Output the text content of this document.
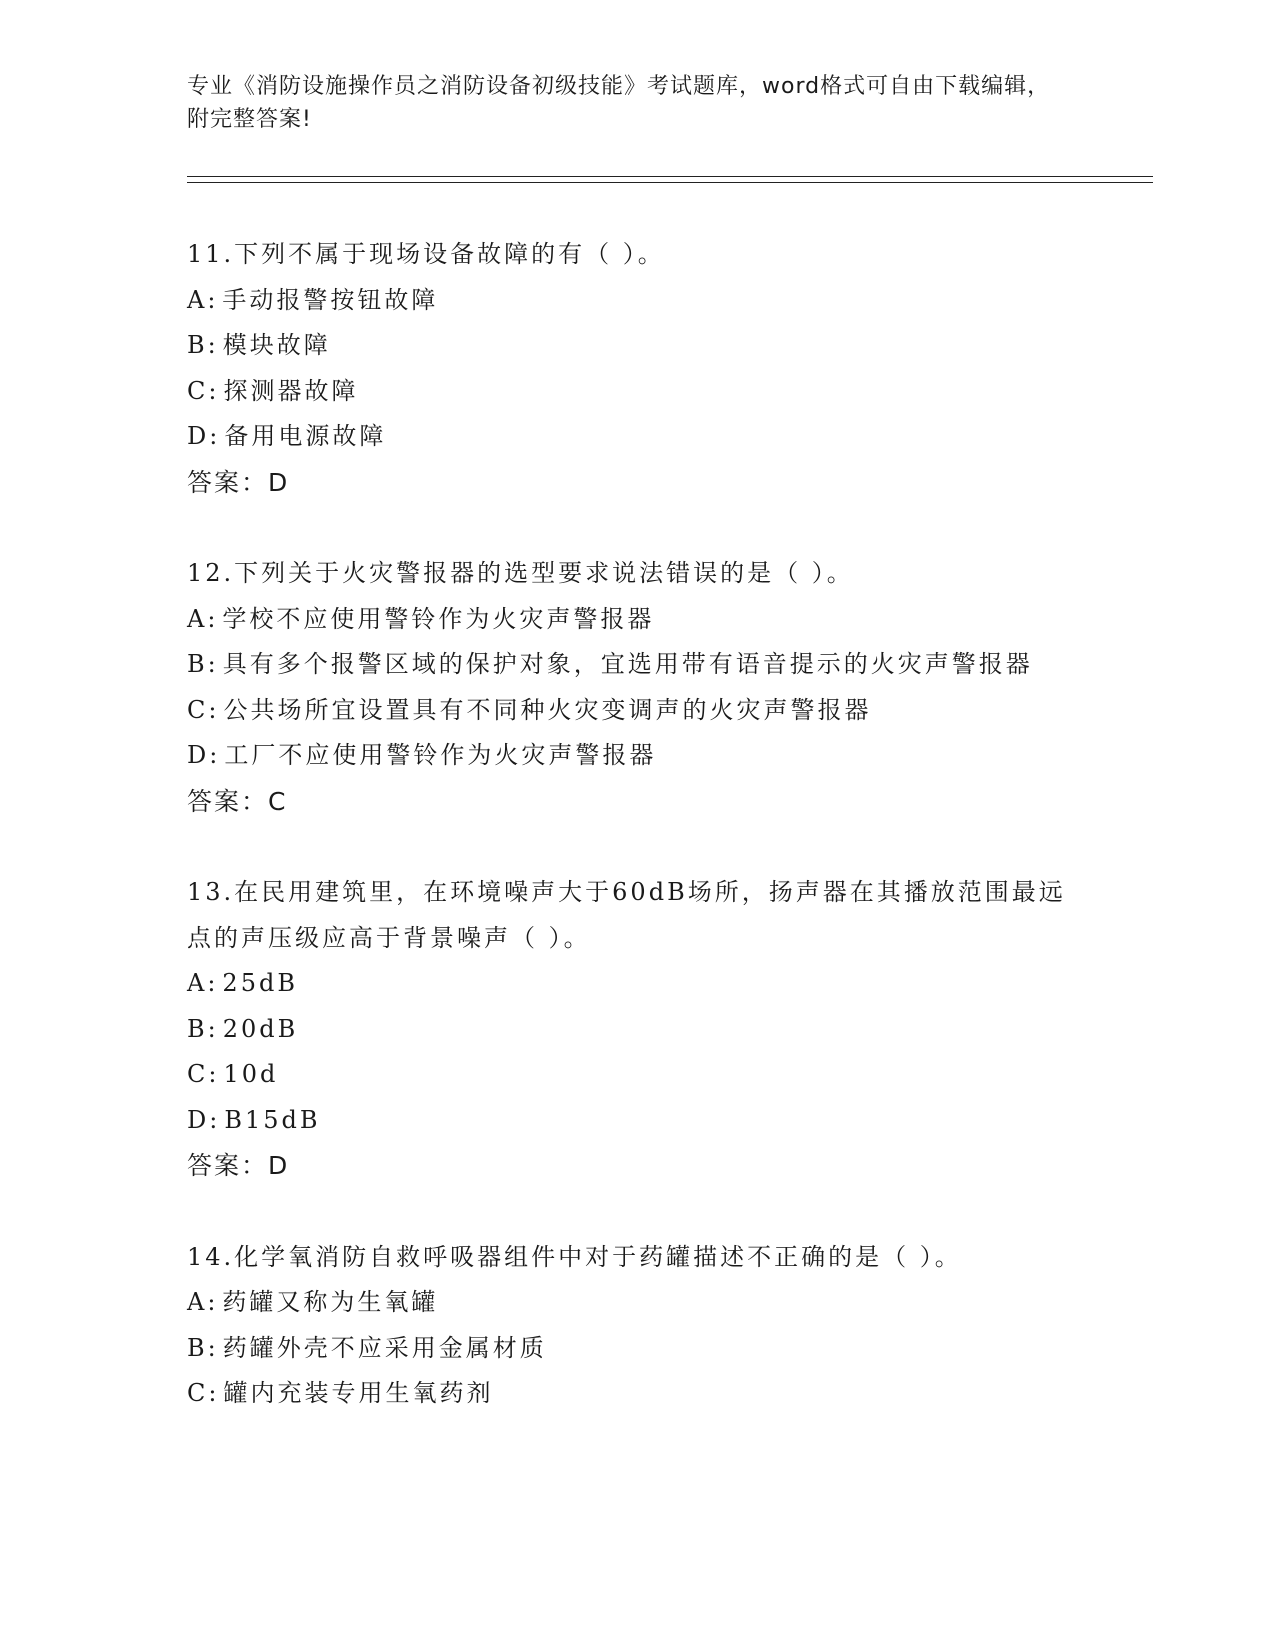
专业《消防设施操作员之消防设备初级技能》考试题库，word格式可自由下载编辑，附完整答案!

11.下列不属于现场设备故障的有（ ）。

A: 手动报警按钮故障

B: 模块故障

C: 探测器故障

D: 备用电源故障

答案：D

12.下列关于火灾警报器的选型要求说法错误的是（ ）。

A: 学校不应使用警铃作为火灾声警报器

B: 具有多个报警区域的保护对象，宜选用带有语音提示的火灾声警报器

C: 公共场所宜设置具有不同种火灾变调声的火灾声警报器

D: 工厂不应使用警铃作为火灾声警报器

答案：C

13.在民用建筑里，在环境噪声大于60dB场所，扬声器在其播放范围最远点的声压级应高于背景噪声（ ）。

A: 25dB

B: 20dB

C: 10d

D: B15dB

答案：D

14.化学氧消防自救呼吸器组件中对于药罐描述不正确的是（ ）。

A: 药罐又称为生氧罐

B: 药罐外壳不应采用金属材质

C: 罐内充装专用生氧药剂
